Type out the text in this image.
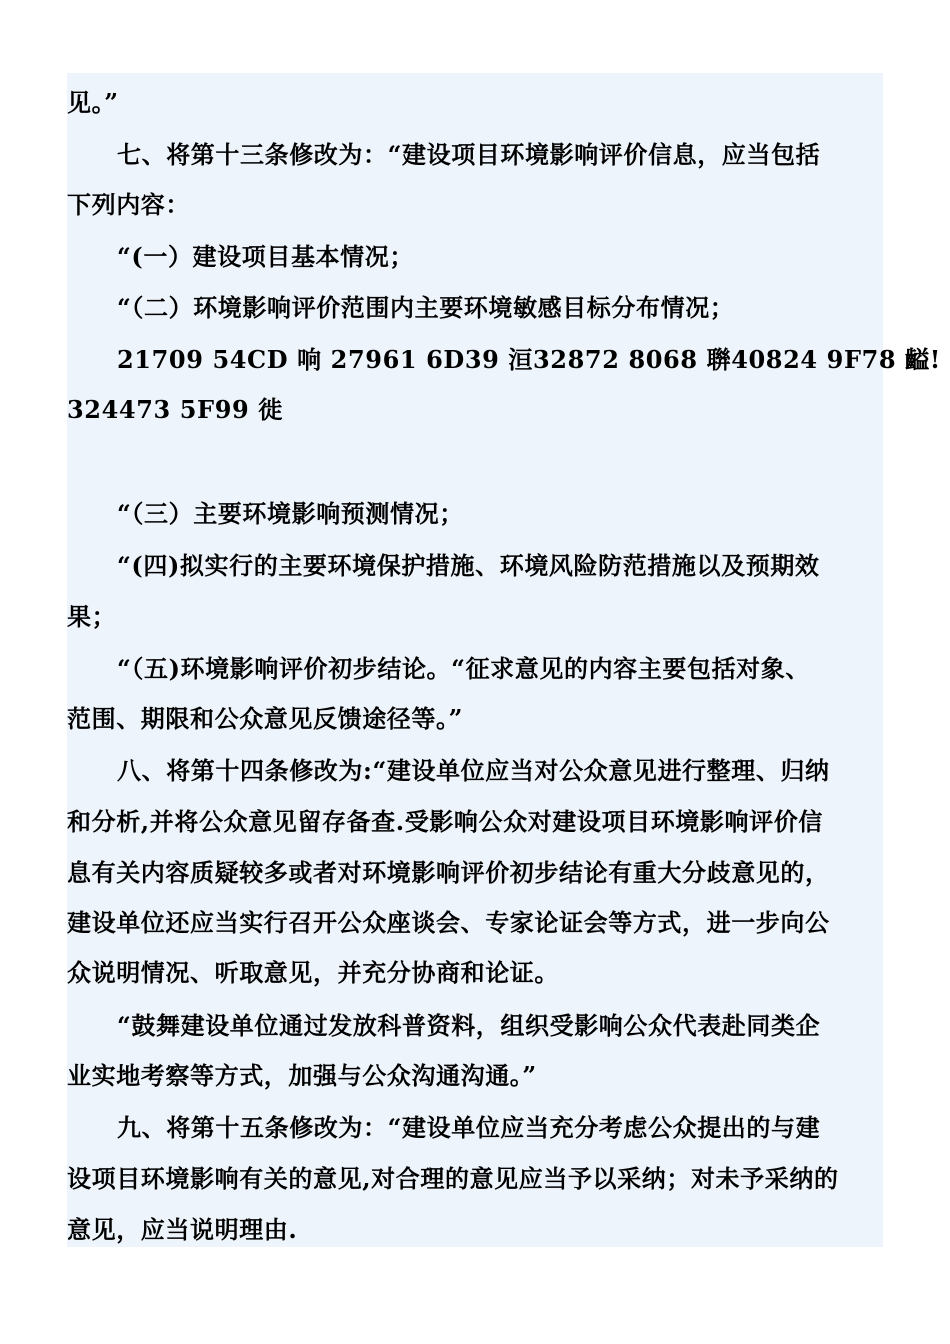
见。”
七、将第十三条修改为：“建设项目环境影响评价信息，应当包括
下列内容：
“(一）建设项目基本情况；
“（二）环境影响评价范围内主要环境敏感目标分布情况；
21709 54CD 响 27961 6D39 洹32872 8068 聨40824 9F78 齸!
324473 5F99 徙
“（三）主要环境影响预测情况；
“(四)拟实行的主要环境保护措施、环境风险防范措施以及预期效
果；
“（五)环境影响评价初步结论。“征求意见的内容主要包括对象、
范围、期限和公众意见反馈途径等。”
八、将第十四条修改为:“建设单位应当对公众意见进行整理、归纳
和分析,并将公众意见留存备查.受影响公众对建设项目环境影响评价信
息有关内容质疑较多或者对环境影响评价初步结论有重大分歧意见的，
建设单位还应当实行召开公众座谈会、专家论证会等方式，进一步向公
众说明情况、听取意见，并充分协商和论证。
“鼓舞建设单位通过发放科普资料，组织受影响公众代表赴同类企
业实地考察等方式，加强与公众沟通沟通。”
九、将第十五条修改为：“建设单位应当充分考虑公众提出的与建
设项目环境影响有关的意见,对合理的意见应当予以采纳；对未予采纳的
意见，应当说明理由.
